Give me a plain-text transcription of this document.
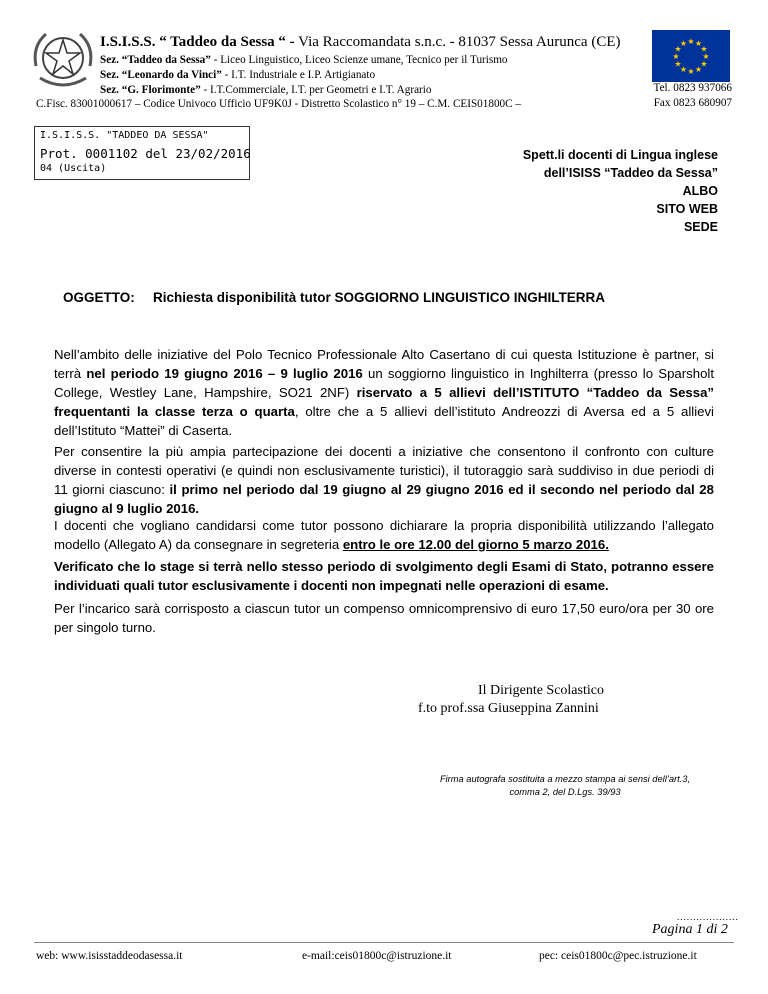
I.S.I.S.S. “ Taddeo da Sessa “ - Via Raccomandata s.n.c. - 81037 Sessa Aurunca (CE)
Sez. “Taddeo da Sessa” - Liceo Linguistico, Liceo Scienze umane, Tecnico per il Turismo
Sez. “Leonardo da Vinci” - I.T. Industriale e I.P. Artigianato
Sez. “G. Florimonte” - I.T.Commerciale, I.T. per Geometri e I.T. Agrario
C.Fisc. 83001000617 – Codice Univoco Ufficio UF9K0J - Distretto Scolastico n° 19 – C.M. CEIS01800C –
★ ★
★
★
★
★
★
★
★
★
★
★
Tel. 0823 937066
Fax 0823 680907
I.S.I.S.S. "TADDEO DA SESSA"
Prot. 0001102 del 23/02/2016
04 (Uscita)
Spett.li docenti di Lingua inglese
dell’ISISS “Taddeo da Sessa”
ALBO
SITO WEB
SEDE
OGGETTO: Richiesta disponibilità tutor SOGGIORNO LINGUISTICO INGHILTERRA
Nell’ambito delle iniziative del Polo Tecnico Professionale Alto Casertano di cui questa Istituzione è partner, si terrà nel periodo 19 giugno 2016 – 9 luglio 2016 un soggiorno linguistico in Inghilterra (presso lo Sparsholt College, Westley Lane, Hampshire, SO21 2NF) riservato a 5 allievi dell’ISTITUTO “Taddeo da Sessa” frequentanti la classe terza o quarta, oltre che a 5 allievi dell’istituto Andreozzi di Aversa ed a 5 allievi dell’Istituto “Mattei” di Caserta.
Per consentire la più ampia partecipazione dei docenti a iniziative che consentono il confronto con culture diverse in contesti operativi (e quindi non esclusivamente turistici), il tutoraggio sarà suddiviso in due periodi di 11 giorni ciascuno: il primo nel periodo dal 19 giugno al 29 giugno 2016 ed il secondo nel periodo dal 28 giugno al 9 luglio 2016.
I docenti che vogliano candidarsi come tutor possono dichiarare la propria disponibilità utilizzando l’allegato modello (Allegato A) da consegnare in segreteria entro le ore 12.00 del giorno 5 marzo 2016.
Verificato che lo stage si terrà nello stesso periodo di svolgimento degli Esami di Stato, potranno essere individuati quali tutor esclusivamente i docenti non impegnati nelle operazioni di esame.
Per l’incarico sarà corrisposto a ciascun tutor un compenso omnicomprensivo di euro 17,50 euro/ora per 30 ore per singolo turno.
Il Dirigente Scolastico
f.to prof.ssa Giuseppina Zannini
Firma autografa sostituita a mezzo stampa ai sensi dell’art.3,
comma 2, del D.Lgs. 39/93
...................
Pagina 1 di 2
web: www.isisstaddeodasessa.it	e-mail:ceis01800c@istruzione.it	pec: ceis01800c@pec.istruzione.it
